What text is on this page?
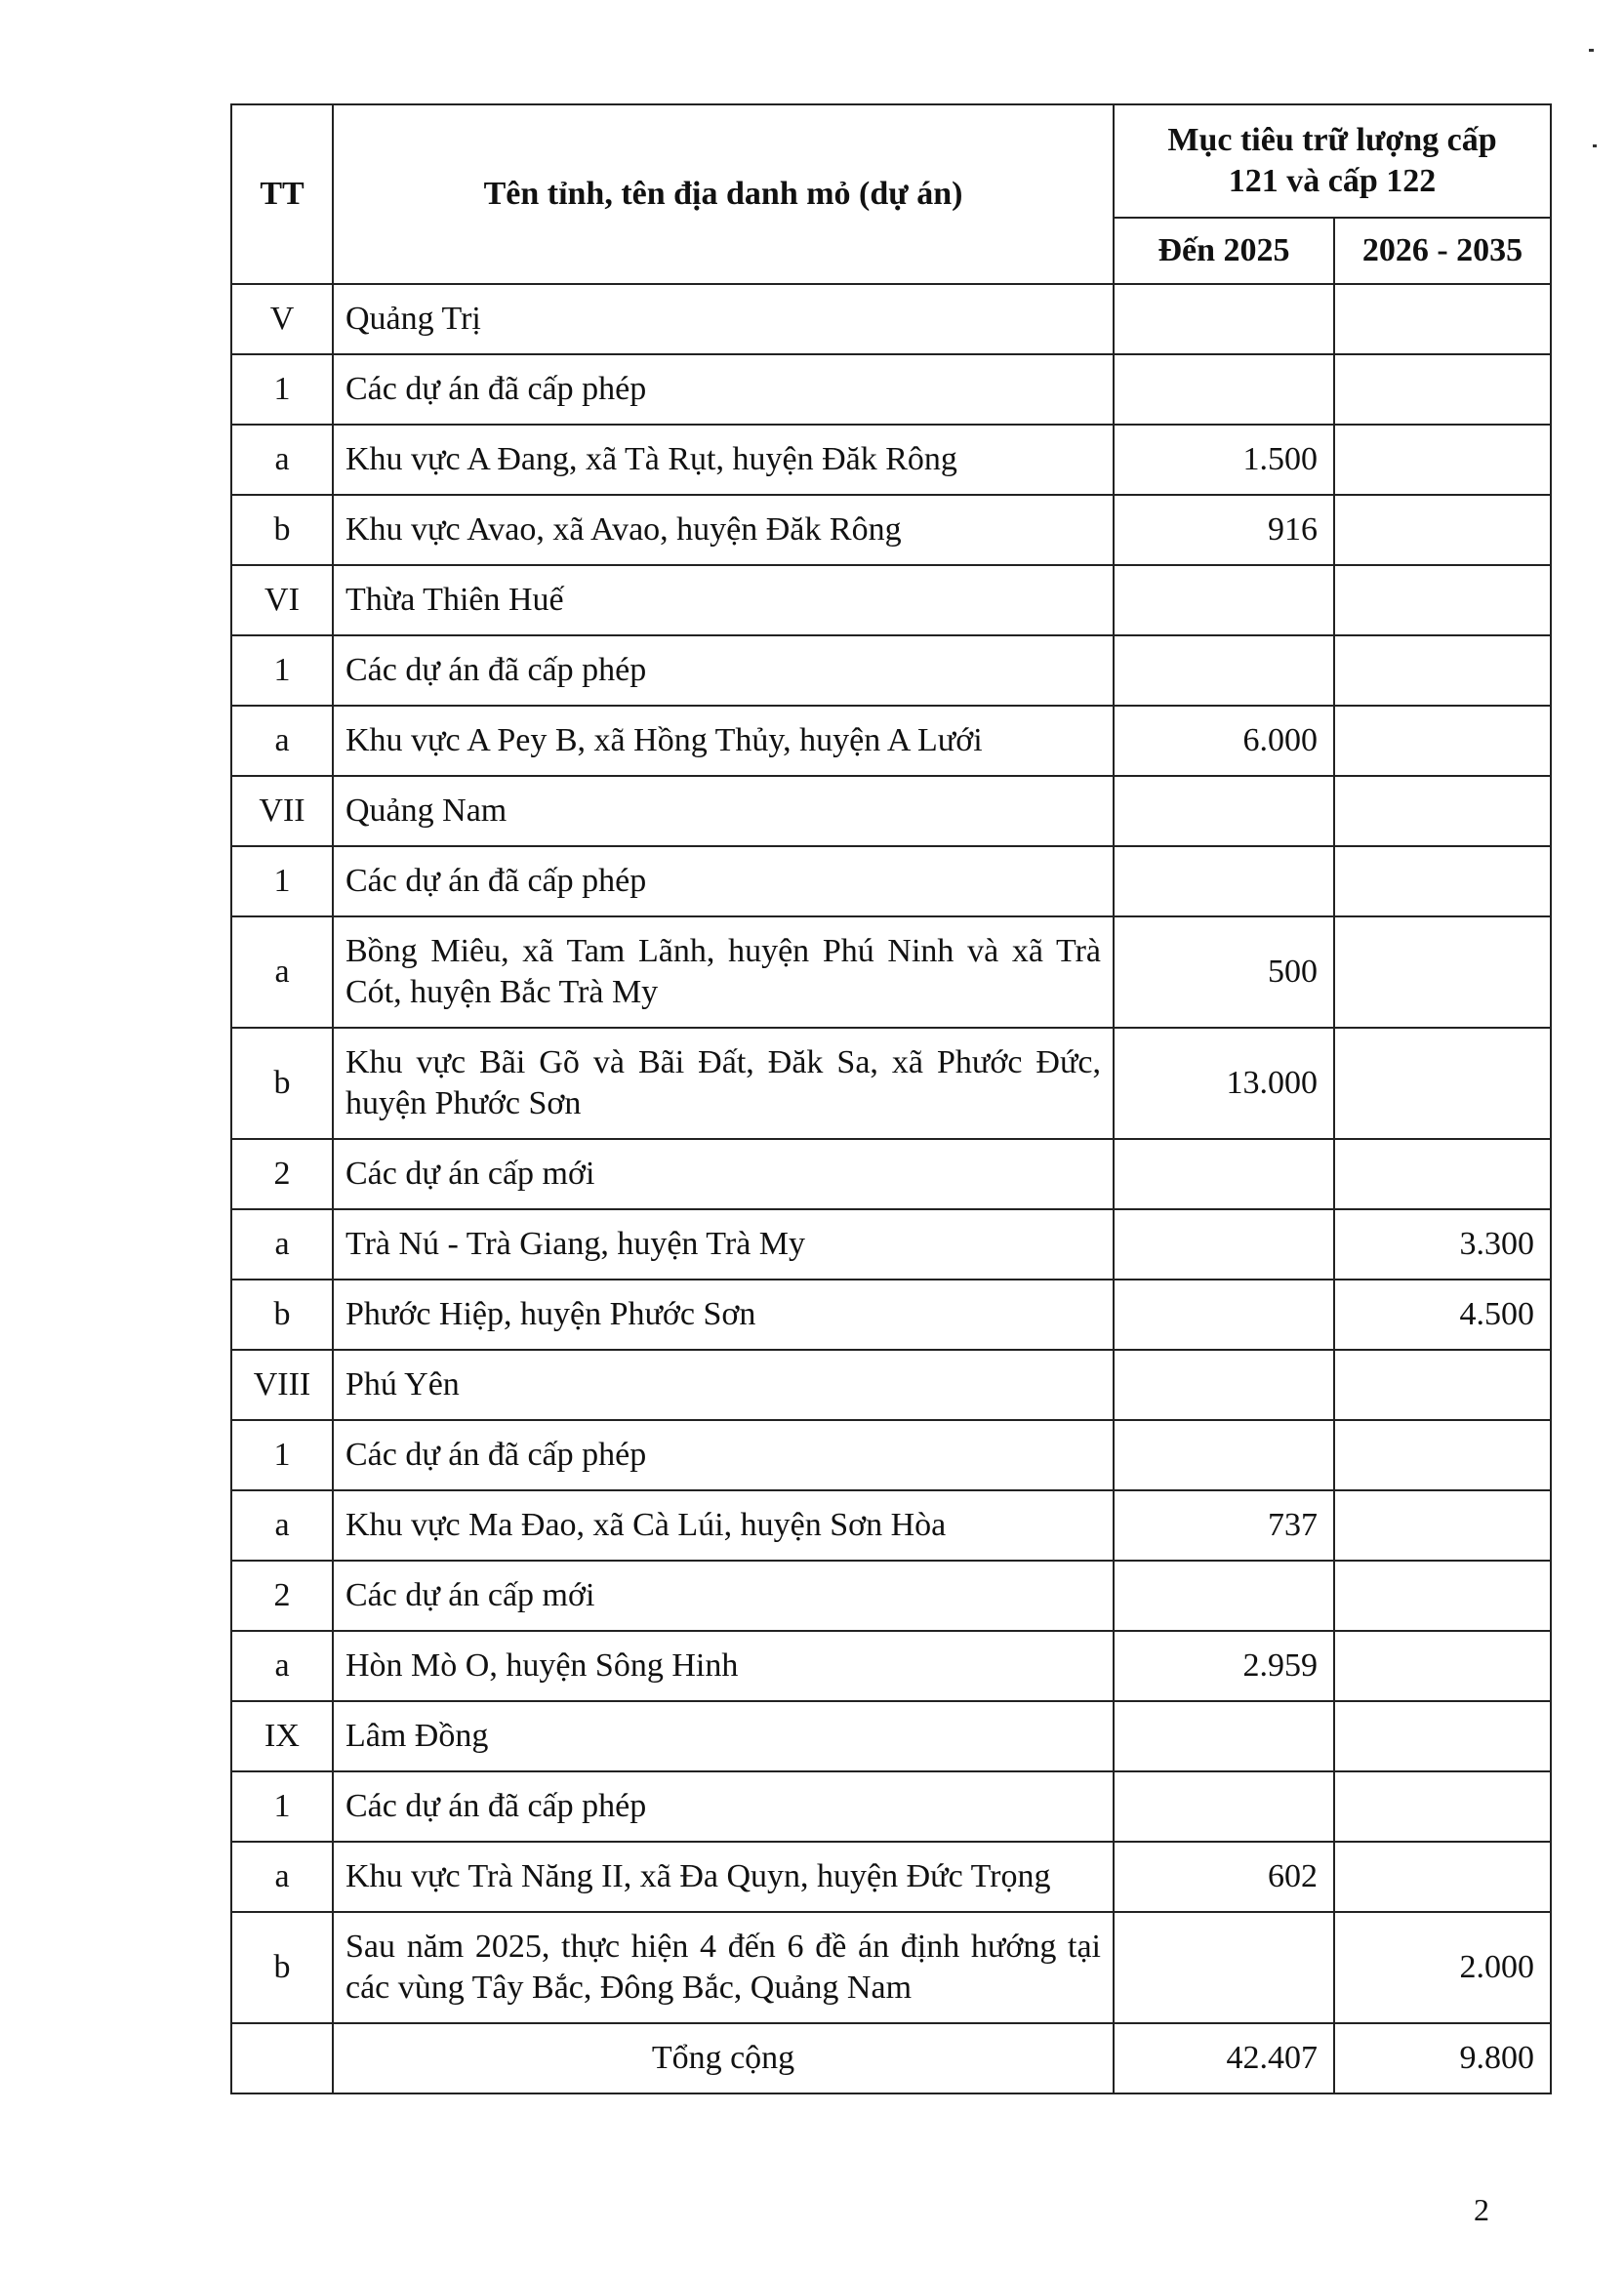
TT	Tên tỉnh, tên địa danh mỏ (dự án)	Mục tiêu trữ lượng cấp 121 và cấp 122	
		Đến 2025	2026 - 2035
V	Quảng Trị		
1	Các dự án đã cấp phép		
a	Khu vực A Đang, xã Tà Rụt, huyện Đăk Rông	1.500	
b	Khu vực Avao, xã Avao, huyện Đăk Rông	916	
VI	Thừa Thiên Huế		
1	Các dự án đã cấp phép		
a	Khu vực A Pey B, xã Hồng Thủy, huyện A Lưới	6.000	
VII	Quảng Nam		
1	Các dự án đã cấp phép		
a	Bồng Miêu, xã Tam Lãnh, huyện Phú Ninh và xã Trà Cót, huyện Bắc Trà My	500	
b	Khu vực Bãi Gõ và Bãi Đất, Đăk Sa, xã Phước Đức, huyện Phước Sơn	13.000	
2	Các dự án cấp mới		
a	Trà Nú - Trà Giang, huyện Trà My		3.300
b	Phước Hiệp, huyện Phước Sơn		4.500
VIII	Phú Yên		
1	Các dự án đã cấp phép		
a	Khu vực Ma Đao, xã Cà Lúi, huyện Sơn Hòa	737	
2	Các dự án cấp mới		
a	Hòn Mò O, huyện Sông Hinh	2.959	
IX	Lâm Đồng		
1	Các dự án đã cấp phép		
a	Khu vực Trà Năng II, xã Đa Quyn, huyện Đức Trọng	602	
b	Sau năm 2025, thực hiện 4 đến 6 đề án định hướng tại các vùng Tây Bắc, Đông Bắc, Quảng Nam		2.000
	Tổng cộng	42.407	9.800
2
